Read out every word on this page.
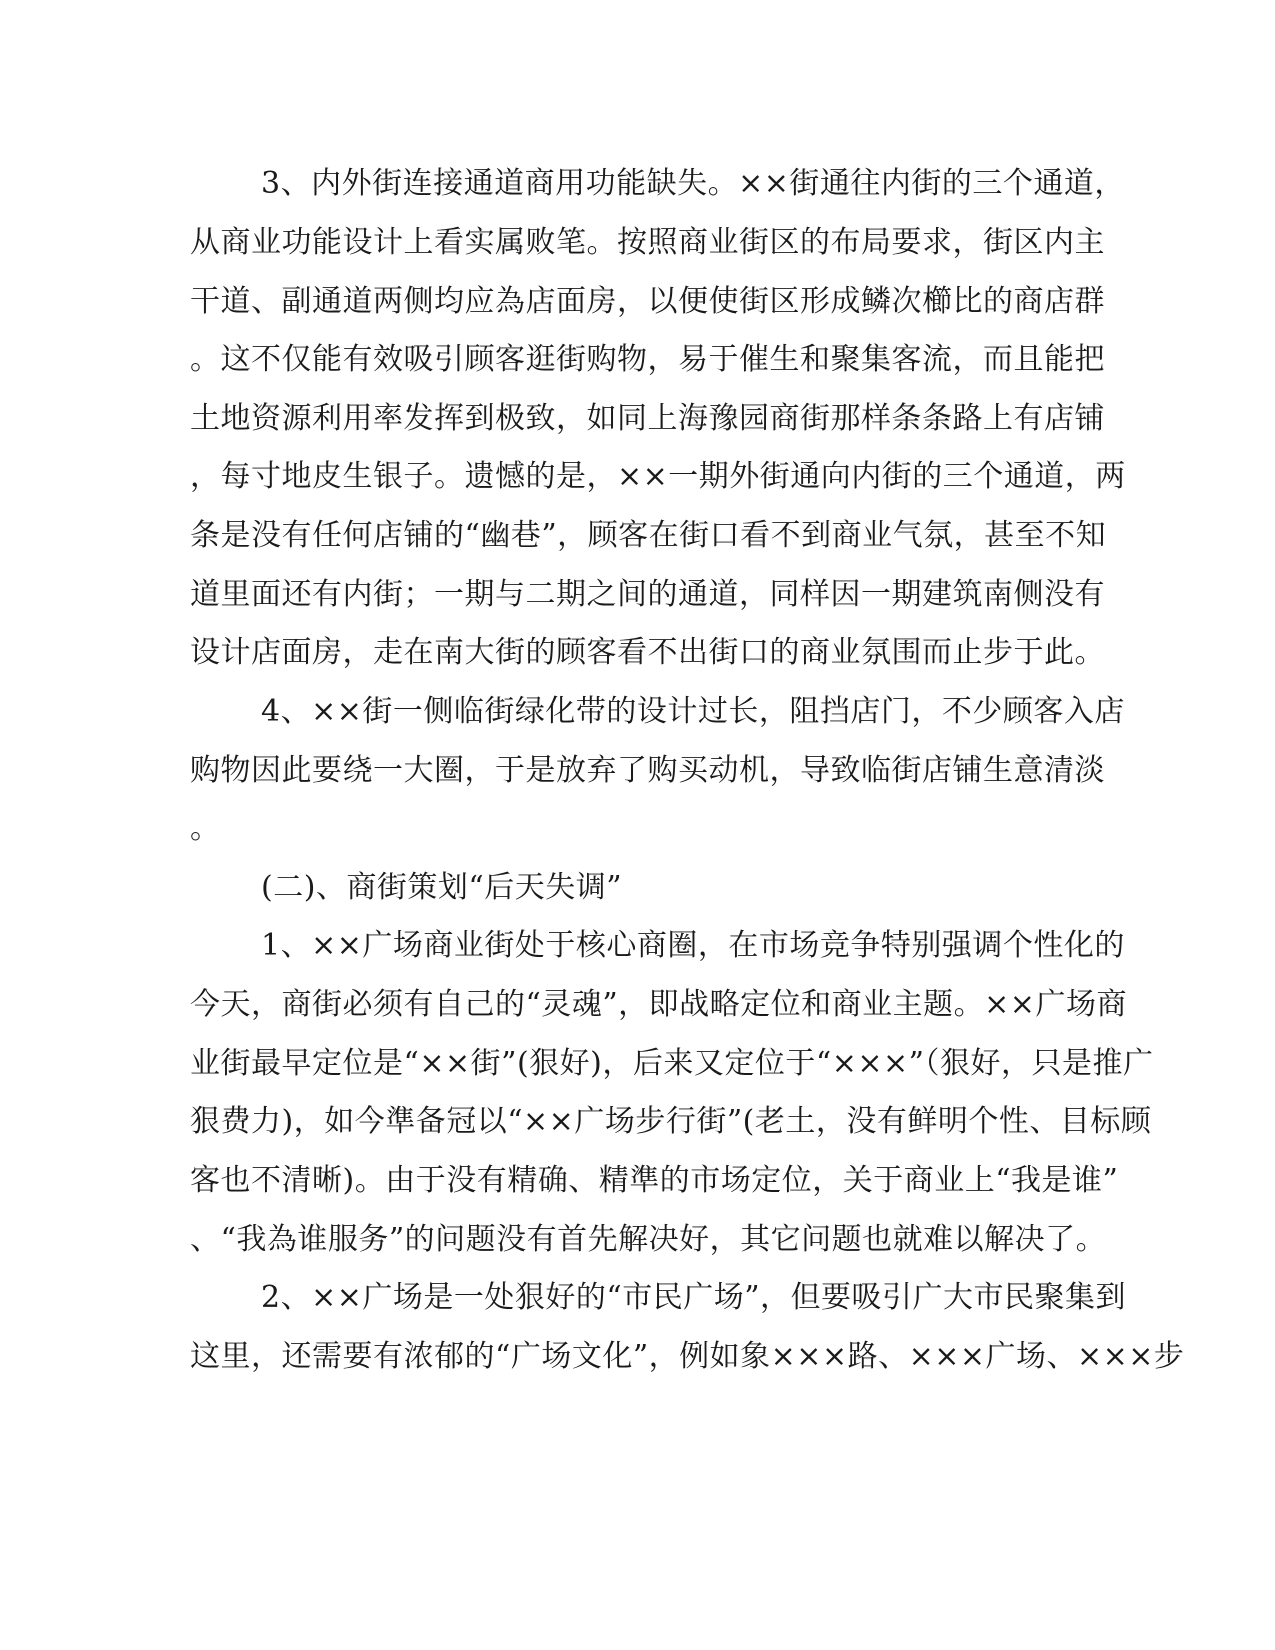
3、内外街连接通道商用功能缺失。××街通往内街的三个通道，
从商业功能设计上看实属败笔。按照商业街区的布局要求，街区内主
干道、副通道两侧均应為店面房，以便使街区形成鳞次櫛比的商店群
。这不仅能有效吸引顾客逛街购物，易于催生和聚集客流，而且能把
土地资源利用率发挥到极致，如同上海豫园商街那样条条路上有店铺
，每寸地皮生银子。遗憾的是，××一期外街通向内街的三个通道，两
条是没有任何店铺的“幽巷”，顾客在街口看不到商业气氛，甚至不知
道里面还有内街；一期与二期之间的通道，同样因一期建筑南侧没有
设计店面房，走在南大街的顾客看不出街口的商业氛围而止步于此。
4、××街一侧临街绿化带的设计过长，阻挡店门，不少顾客入店
购物因此要绕一大圈，于是放弃了购买动机，导致临街店铺生意清淡
。
(二)、商街策划“后天失调”
1、××广场商业街处于核心商圈，在市场竞争特别强调个性化的
今天，商街必须有自己的“灵魂”，即战略定位和商业主题。××广场商
业街最早定位是“××街”(狠好)，后来又定位于“×××”（狠好，只是推广
狠费力)，如今準备冠以“××广场步行街”(老土，没有鲜明个性、目标顾
客也不清晰)。由于没有精确、精準的市场定位，关于商业上“我是谁”
、“我為谁服务”的问题没有首先解决好，其它问题也就难以解决了。
2、××广场是一处狠好的“市民广场”，但要吸引广大市民聚集到
这里，还需要有浓郁的“广场文化”，例如象×××路、×××广场、×××步
